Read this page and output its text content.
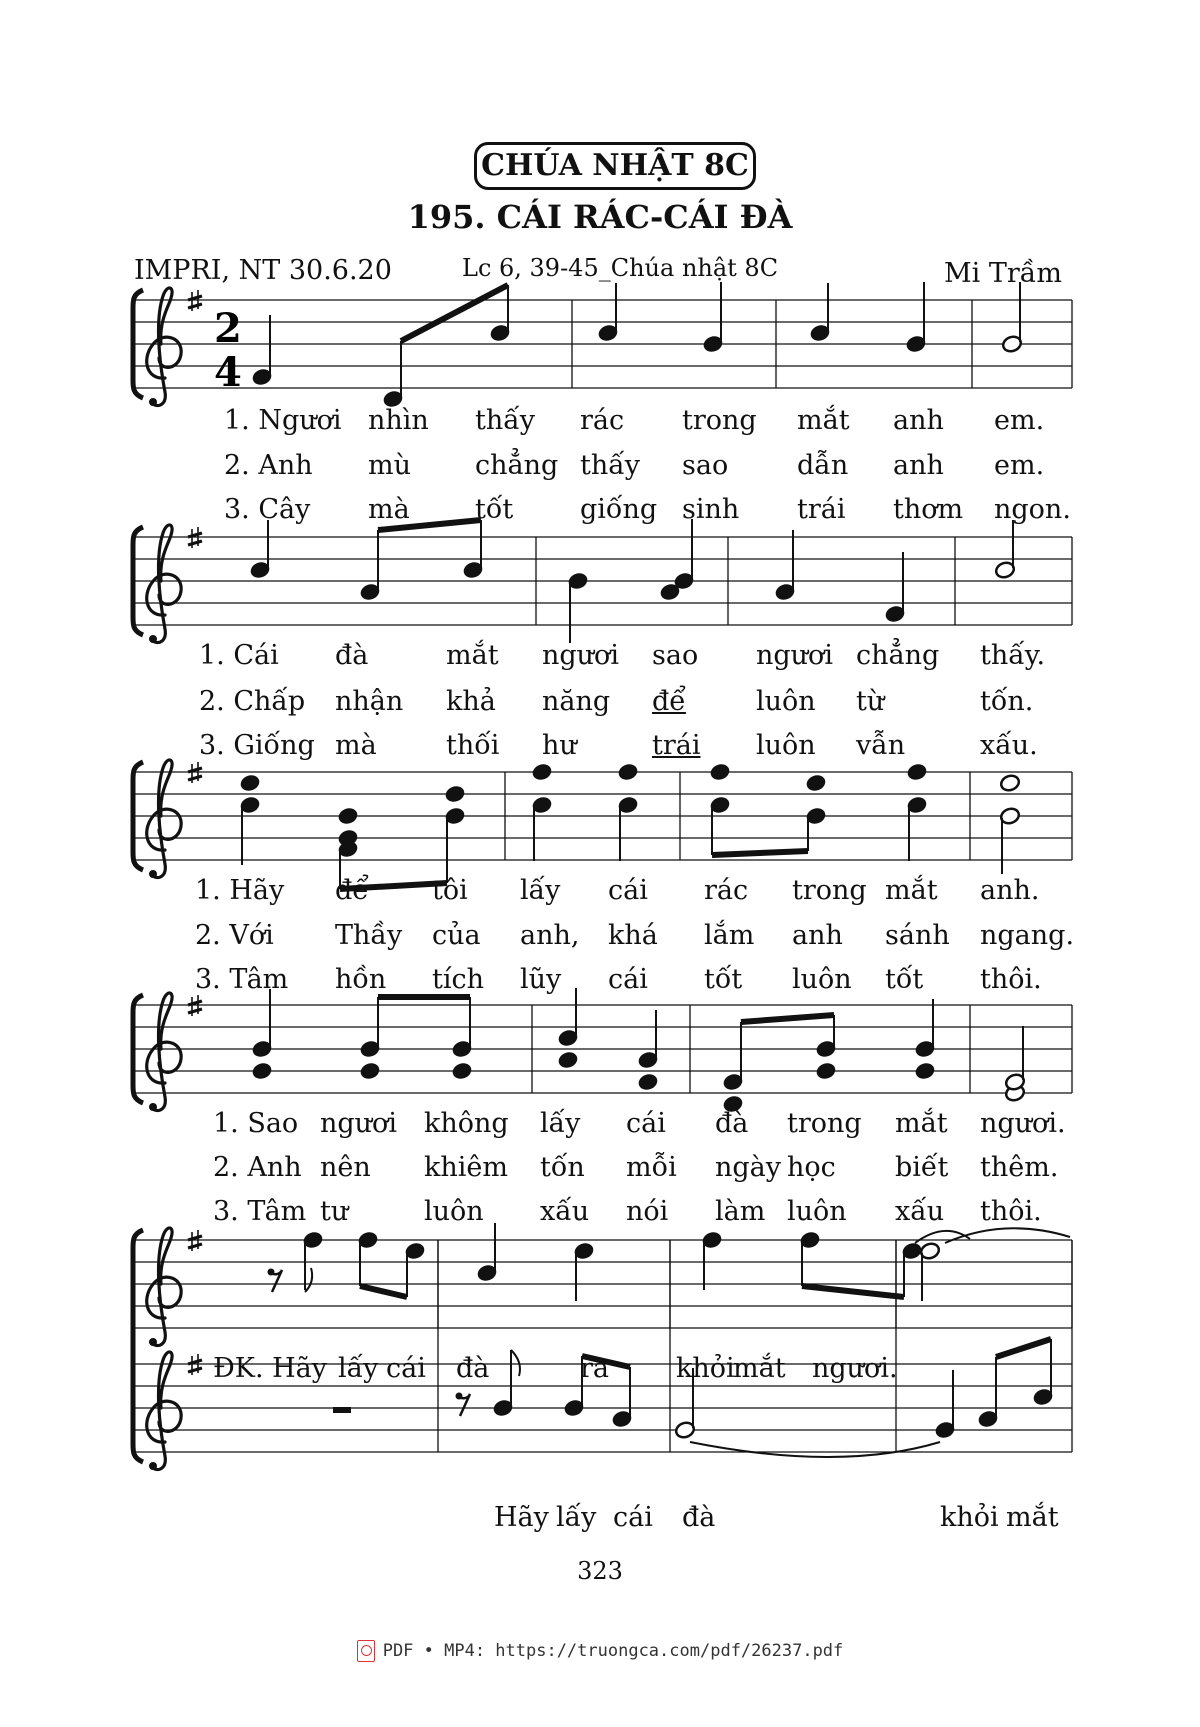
CHÚA NHẬT 8C
195. CÁI RÁC-CÁI ĐÀ
IMPRI, NT 30.6.20	Lc 6, 39-45_Chúa nhật 8C	Mi Trầm
2
4
1. Ngươi nhìn thấy rác trong mắt anh em.
2. Anh mù chẳng thấy sao	dẫn anh em.
3. Cây mà tốt giống sinh trái thơm ngon.
1. Cái đà	mắt ngươi sao ngươi chẳng thấy.
2. Chấp nhận khả năng để	luôn từ	tốn.
3. Giống mà	thối hư	trái luôn vẫn	xấu.
1. Hãy để tôi lấy cái rác trong mắt anh.
2. Với Thầy của anh, khá lắm anh sánh ngang.
3. Tâm hồn tích lũy cái tốt luôn tốt thôi.
1. Sao ngươi không lấy cái đà trong mắt ngươi.
2. Anh nên khiêm tốn mỗi ngày học biết thêm.
3. Tâm tư	luôn xấu nói làm luôn xấu thôi.
ĐK. Hãy lấy cái đà	ra khỏi
mắt ngươi.
Hãy lấy cái đà	khỏi mắt
323
PDF • MP4: https://truongca.com/pdf/26237.pdf
